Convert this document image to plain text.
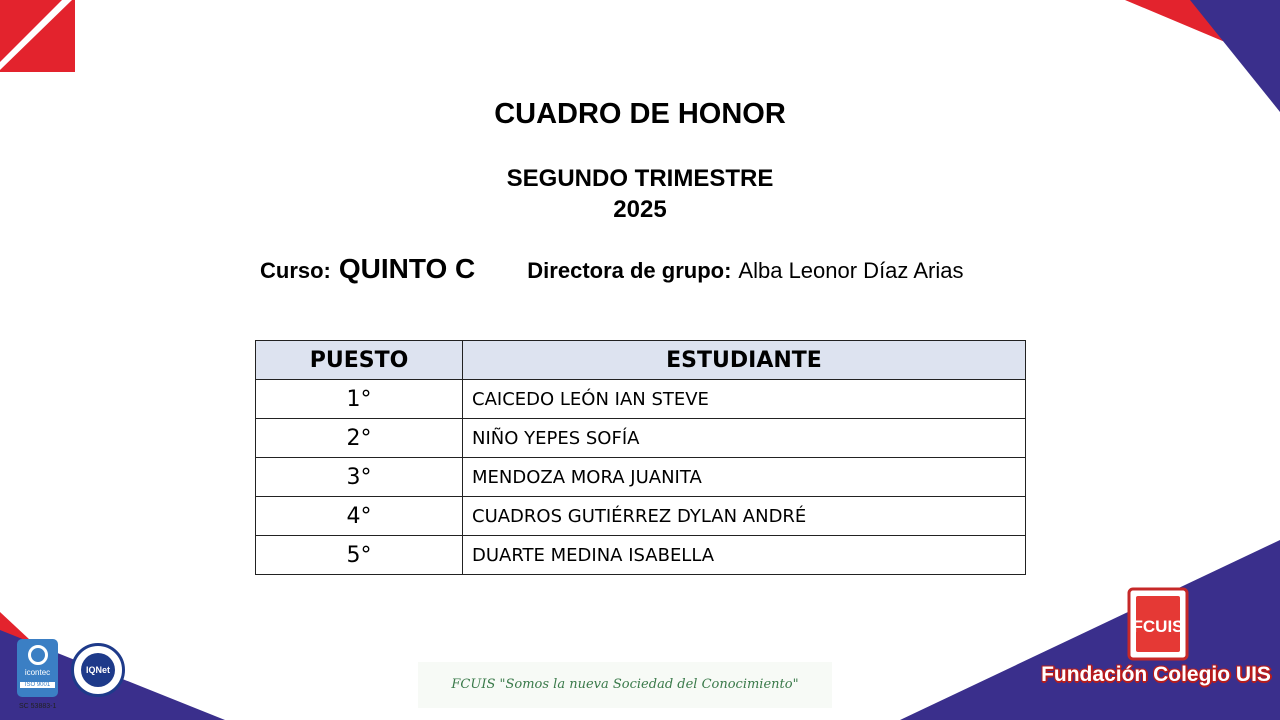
CUADRO DE HONOR
SEGUNDO TRIMESTRE
2025
Curso: QUINTO C Directora de grupo: Alba Leonor Díaz Arias
PUESTO	ESTUDIANTE
1°	CAICEDO LEÓN IAN STEVE
2°	NIÑO YEPES SOFÍA
3°	MENDOZA MORA JUANITA
4°	CUADROS GUTIÉRREZ DYLAN ANDRÉ
5°	DUARTE MEDINA ISABELLA
icontec
ISO 9001
SC 53883-1
IQNet
FCUIS "Somos la nueva Sociedad del Conocimiento"
FCUIS
Fundación Colegio UIS
